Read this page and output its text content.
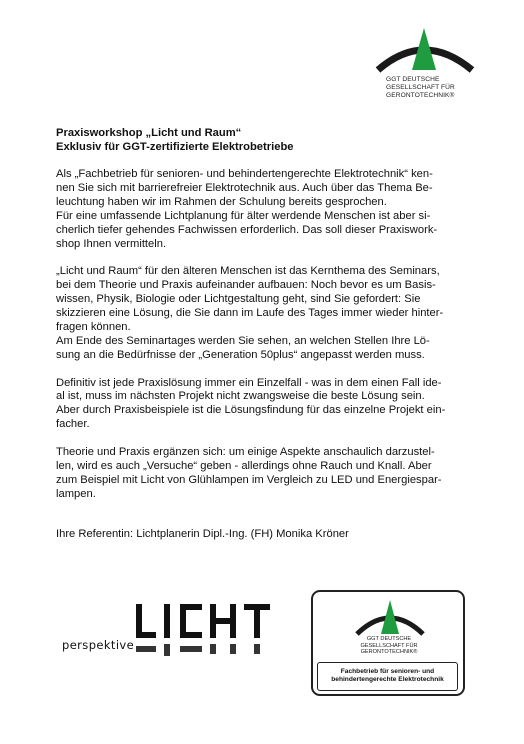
GGT DEUTSCHE
GESELLSCHAFT FÜR
GERONTOTECHNIK®
Praxisworkshop „Licht und Raum“
Exklusiv für GGT-zertifizierte Elektrobetriebe

Als „Fachbetrieb für senioren- und behindertengerechte Elektrotechnik“ ken-
nen Sie sich mit barrierefreier Elektrotechnik aus. Auch über das Thema Be-
leuchtung haben wir im Rahmen der Schulung bereits gesprochen.
Für eine umfassende Lichtplanung für älter werdende Menschen ist aber si-
cherlich tiefer gehendes Fachwissen erforderlich. Das soll dieser Praxiswork-
shop Ihnen vermitteln.

„Licht und Raum“ für den älteren Menschen ist das Kernthema des Seminars,
bei dem Theorie und Praxis aufeinander aufbauen: Noch bevor es um Basis-
wissen, Physik, Biologie oder Lichtgestaltung geht, sind Sie gefordert: Sie
skizzieren eine Lösung, die Sie dann im Laufe des Tages immer wieder hinter-
fragen können.
Am Ende des Seminartages werden Sie sehen, an welchen Stellen Ihre Lö-
sung an die Bedürfnisse der „Generation 50plus“ angepasst werden muss.

Definitiv ist jede Praxislösung immer ein Einzelfall - was in dem einen Fall ide-
al ist, muss im nächsten Projekt nicht zwangsweise die beste Lösung sein.
Aber durch Praxisbeispiele ist die Lösungsfindung für das einzelne Projekt ein-
facher.

Theorie und Praxis ergänzen sich: um einige Aspekte anschaulich darzustel-
len, wird es auch „Versuche“ geben - allerdings ohne Rauch und Knall. Aber
zum Beispiel mit Licht von Glühlampen im Vergleich zu LED und Energiespar-
lampen.

Ihre Referentin: Lichtplanerin Dipl.-Ing. (FH) Monika Kröner
perspektive	GGT DEUTSCHE
GESELLSCHAFT FÜR
GERONTOTECHNIK®
Fachbetrieb für senioren- und
behindertengerechte Elektrotechnik
